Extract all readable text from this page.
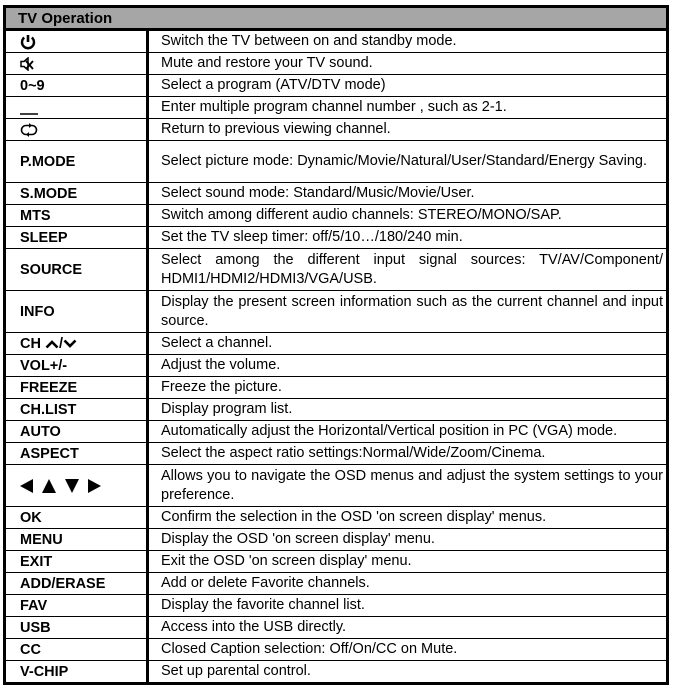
TV Operation	
	Switch the TV between on and standby mode.
	Mute and restore your TV sound.
0~9	Select a program (ATV/DTV mode)
	Enter multiple program channel number , such as 2-1.
	Return to previous viewing channel.
P.MODE	Select picture mode: Dynamic/Movie/Natural/User/Standard/Energy Saving.
S.MODE	Select sound mode: Standard/Music/Movie/User.
MTS	Switch among different audio channels: STEREO/MONO/SAP.
SLEEP	Set the TV sleep timer: off/5/10…/180/240 min.
SOURCE	Select among the different input signal sources: TV/AV/Component/ HDMI1/HDMI2/HDMI3/VGA/USB.
INFO	Display the present screen information such as the current channel and input source.
CH /	Select a channel.
VOL+/-	Adjust the volume.
FREEZE	Freeze the picture.
CH.LIST	Display program list.
AUTO	Automatically adjust the Horizontal/Vertical position in PC (VGA) mode.
ASPECT	Select the aspect ratio settings:Normal/Wide/Zoom/Cinema.
	Allows you to navigate the OSD menus and adjust the system settings to your preference.
OK	Confirm the selection in the OSD 'on screen display' menus.
MENU	Display the OSD 'on screen display' menu.
EXIT	Exit the OSD 'on screen display' menu.
ADD/ERASE	Add or delete Favorite channels.
FAV	Display the favorite channel list.
USB	Access into the USB directly.
CC	Closed Caption selection: Off/On/CC on Mute.
V-CHIP	Set up parental control.
